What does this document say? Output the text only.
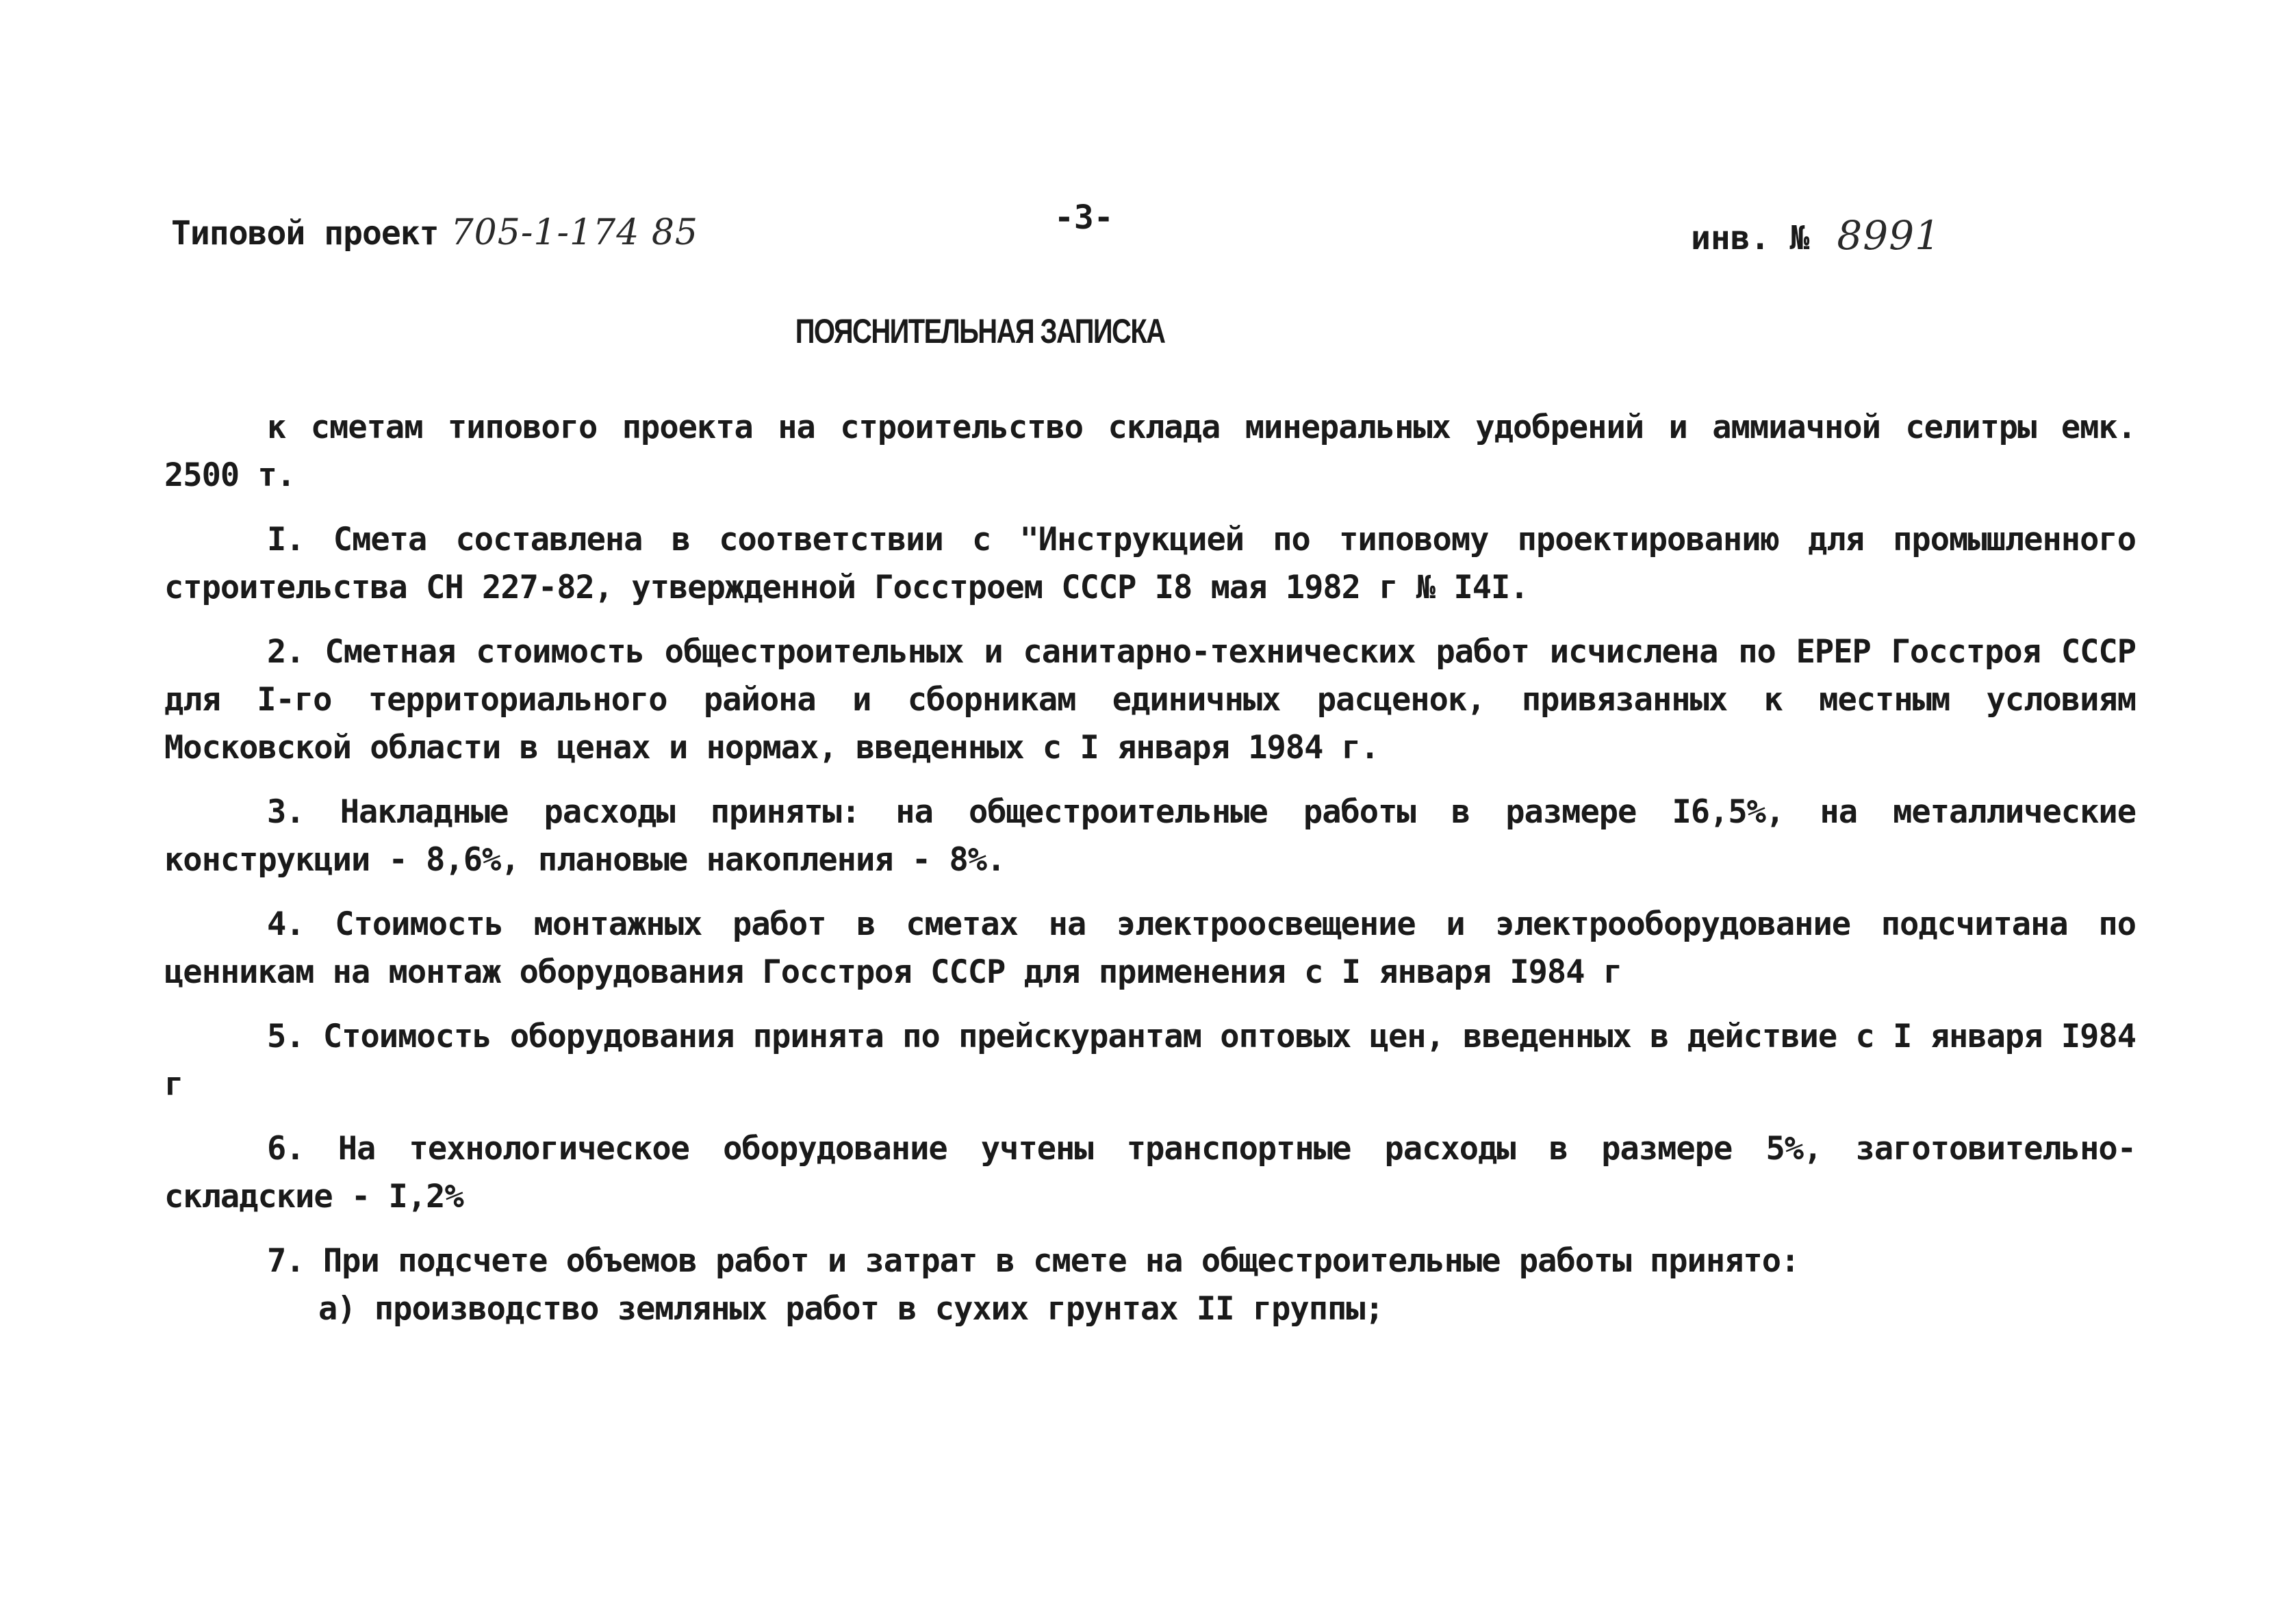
Типовой проект 705-1-174 85	-3-
инв. № 8991
ПОЯСНИТЕЛЬНАЯ ЗАПИСКА

к сметам типового проекта на строительство склада минеральных удобрений и аммиачной селитры емк. 2500 т.

I. Смета составлена в соответствии с "Инструкцией по типовому проектированию для промышленного строительства СН 227-82, утвержденной Госстроем СССР I8 мая 1982 г № I4I.

2. Сметная стоимость общестроительных и санитарно-технических работ исчислена по ЕРЕР Госстроя СССР для I-го территориального района и сборникам единичных расценок, привязанных к местным условиям Московской области в ценах и нормах, введенных с I января 1984 г.

3. Накладные расходы приняты: на общестроительные работы в размере I6,5%, на металлические конструкции - 8,6%, плановые накопления - 8%.

4. Стоимость монтажных работ в сметах на электроосвещение и электрооборудование подсчитана по ценникам на монтаж оборудования Госстроя СССР для применения с I января I984 г

5. Стоимость оборудования принята по прейскурантам оптовых цен, введенных в действие с I января I984 г

6. На технологическое оборудование учтены транспортные расходы в размере 5%, заготовительно-складские - I,2%

7. При подсчете объемов работ и затрат в смете на общестроительные работы принято:

а) производство земляных работ в сухих грунтах II группы;
